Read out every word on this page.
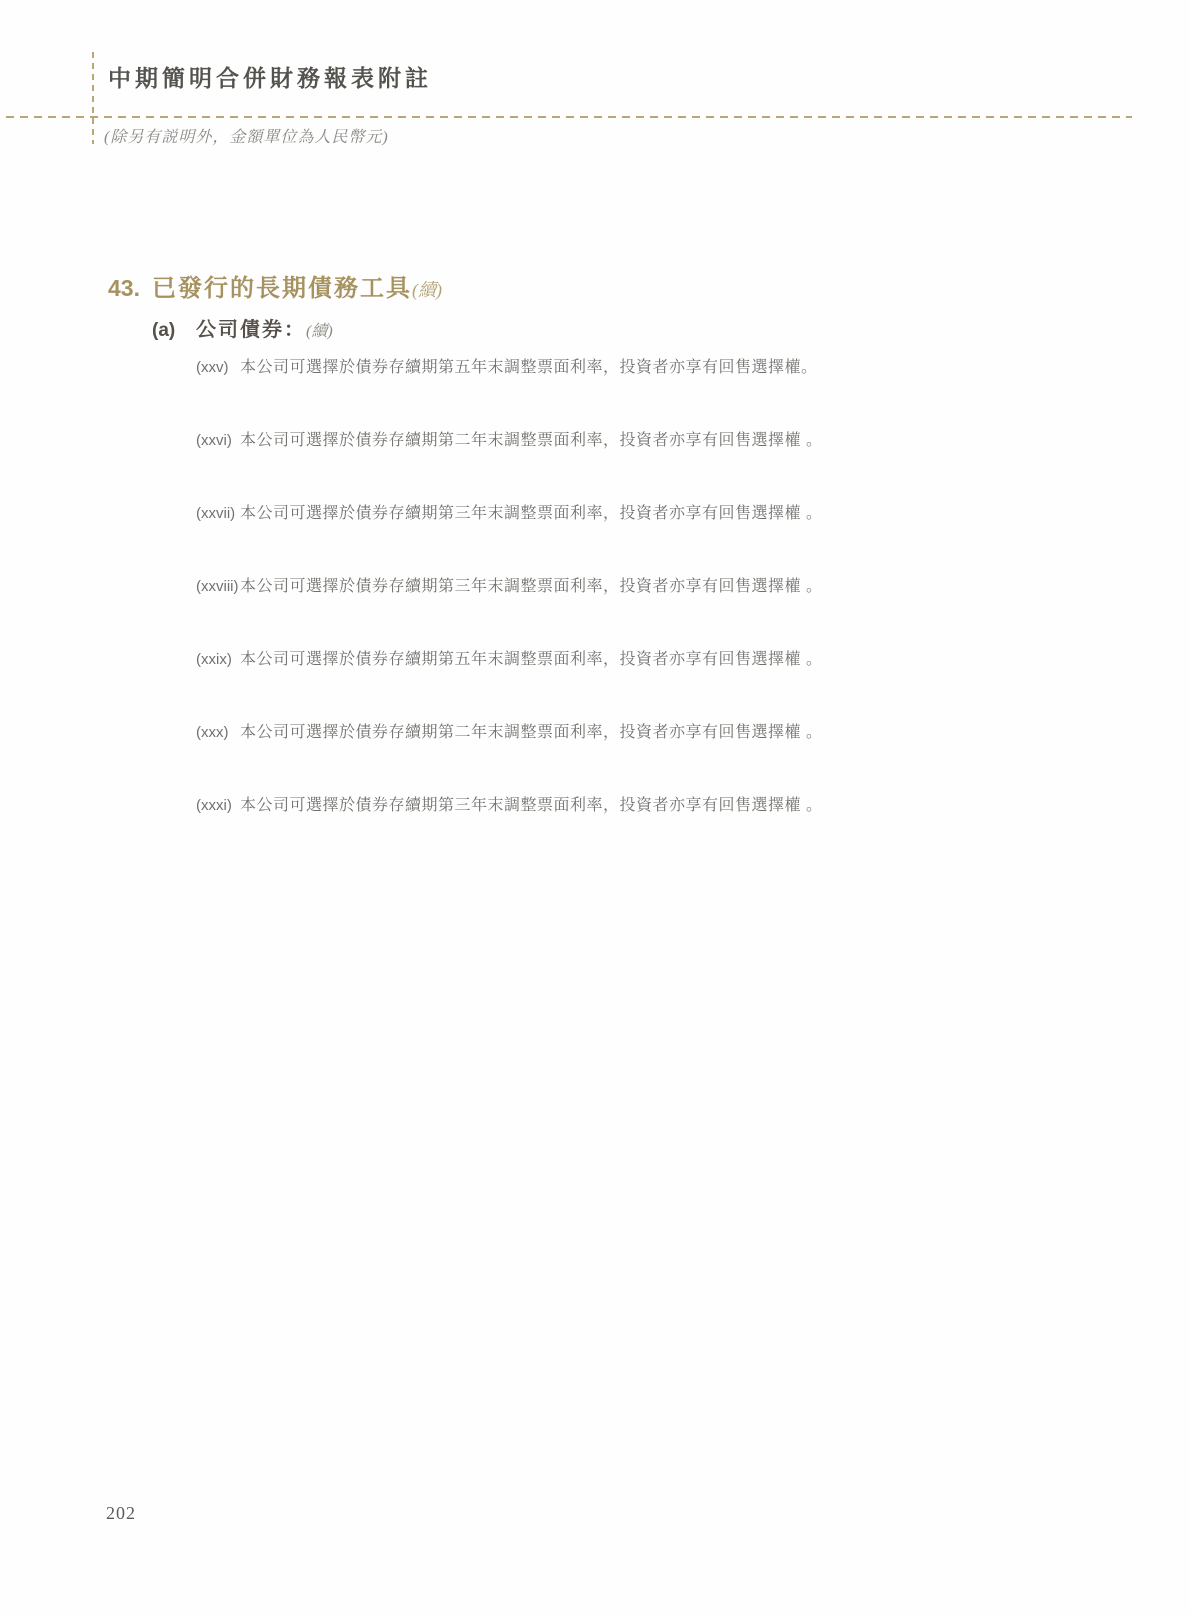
中期簡明合併財務報表附註
(除另有説明外，金額單位為人民幣元)
43. 已發行的長期債務工具(續)
(a) 公司債券：(續)
(xxv) 本公司可選擇於債券存續期第五年末調整票面利率，投資者亦享有回售選擇權。
(xxvi) 本公司可選擇於債券存續期第二年末調整票面利率，投資者亦享有回售選擇權 。
(xxvii) 本公司可選擇於債券存續期第三年末調整票面利率，投資者亦享有回售選擇權 。
(xxviii) 本公司可選擇於債券存續期第三年末調整票面利率，投資者亦享有回售選擇權 。
(xxix) 本公司可選擇於債券存續期第五年末調整票面利率，投資者亦享有回售選擇權 。
(xxx) 本公司可選擇於債券存續期第二年末調整票面利率，投資者亦享有回售選擇權 。
(xxxi) 本公司可選擇於債券存續期第三年末調整票面利率，投資者亦享有回售選擇權 。
202
